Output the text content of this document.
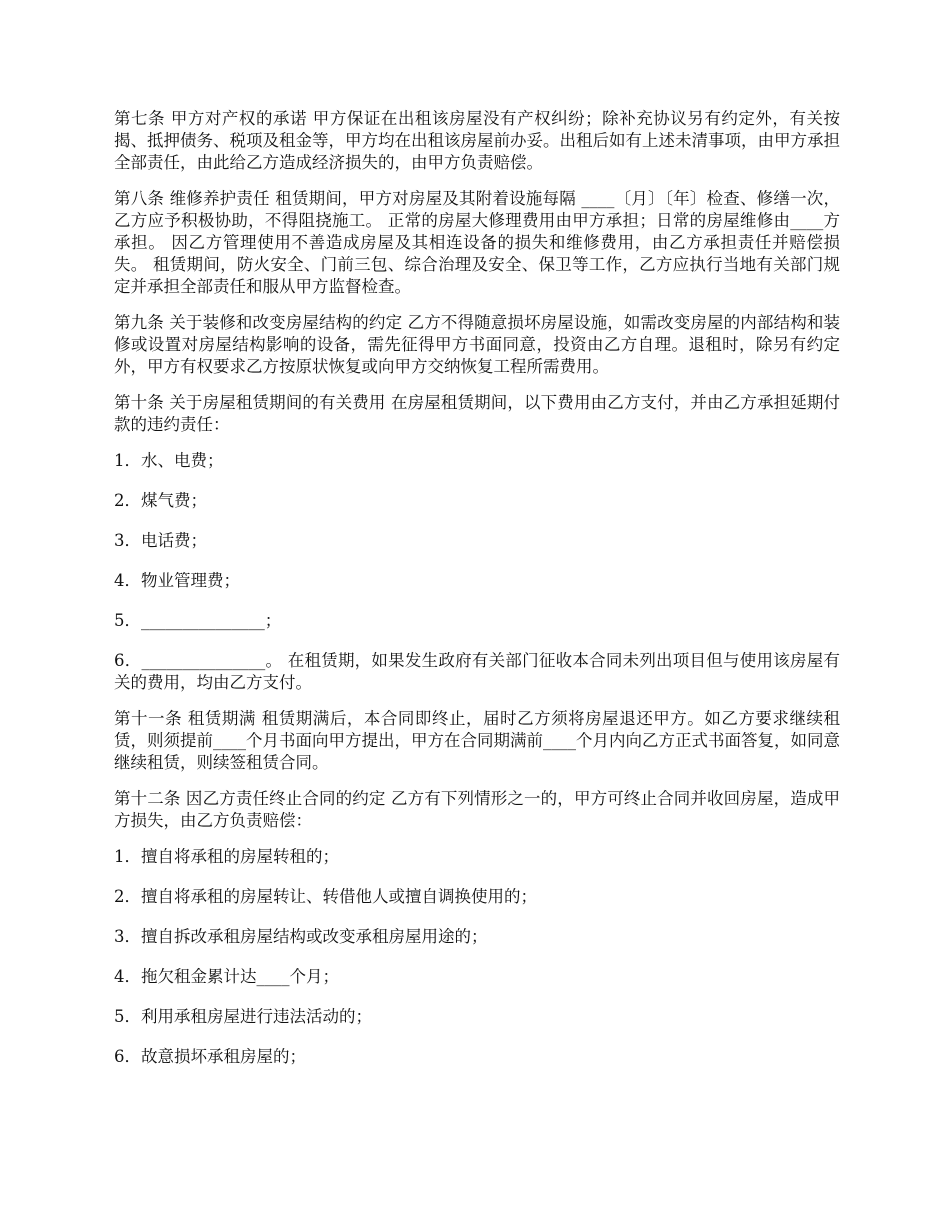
第七条 甲方对产权的承诺 甲方保证在出租该房屋没有产权纠纷；除补充协议另有约定外，有关按揭、抵押债务、税项及租金等，甲方均在出租该房屋前办妥。出租后如有上述未清事项，由甲方承担全部责任，由此给乙方造成经济损失的，由甲方负责赔偿。

第八条 维修养护责任 租赁期间，甲方对房屋及其附着设施每隔 ____〔月〕〔年〕检查、修缮一次，乙方应予积极协助，不得阻挠施工。 正常的房屋大修理费用由甲方承担；日常的房屋维修由____方承担。 因乙方管理使用不善造成房屋及其相连设备的损失和维修费用，由乙方承担责任并赔偿损失。 租赁期间，防火安全、门前三包、综合治理及安全、保卫等工作，乙方应执行当地有关部门规定并承担全部责任和服从甲方监督检查。

第九条 关于装修和改变房屋结构的约定 乙方不得随意损坏房屋设施，如需改变房屋的内部结构和装修或设置对房屋结构影响的设备，需先征得甲方书面同意，投资由乙方自理。退租时，除另有约定外，甲方有权要求乙方按原状恢复或向甲方交纳恢复工程所需费用。

第十条 关于房屋租赁期间的有关费用 在房屋租赁期间，以下费用由乙方支付，并由乙方承担延期付款的违约责任：

1．水、电费；

2．煤气费；

3．电话费；

4．物业管理费；

5．_______________；

6．_______________。 在租赁期，如果发生政府有关部门征收本合同未列出项目但与使用该房屋有关的费用，均由乙方支付。

第十一条 租赁期满 租赁期满后，本合同即终止，届时乙方须将房屋退还甲方。如乙方要求继续租赁，则须提前____个月书面向甲方提出，甲方在合同期满前____个月内向乙方正式书面答复，如同意继续租赁，则续签租赁合同。

第十二条 因乙方责任终止合同的约定 乙方有下列情形之一的，甲方可终止合同并收回房屋，造成甲方损失，由乙方负责赔偿：

1．擅自将承租的房屋转租的；

2．擅自将承租的房屋转让、转借他人或擅自调换使用的；

3．擅自拆改承租房屋结构或改变承租房屋用途的；

4．拖欠租金累计达____个月；

5．利用承租房屋进行违法活动的；

6．故意损坏承租房屋的；
